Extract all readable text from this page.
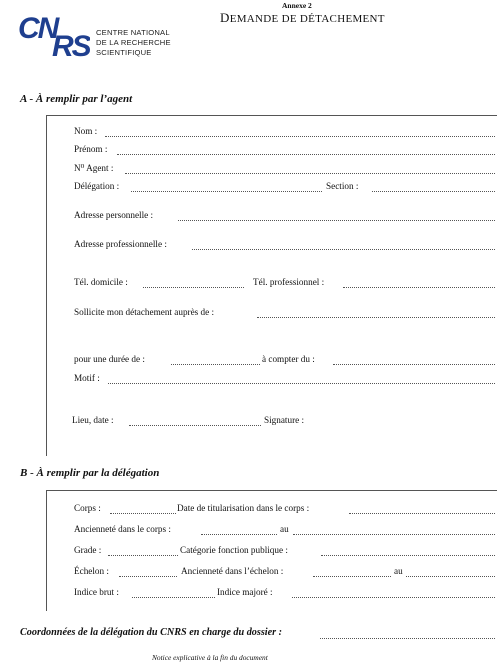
CN
RS CENTRE NATIONAL
DE LA RECHERCHE
SCIENTIFIQUE
Annexe 2
DEMANDE DE DÉTACHEMENT
A - À remplir par l’agent
Nom :
Prénom :
N⁰ Agent :
Délégation :	Section :
Adresse personnelle :
Adresse professionnelle :
Tél. domicile :	Tél. professionnel :
Sollicite mon détachement auprès de :
pour une durée de :	à compter du :
Motif :
Lieu, date :	Signature :
B - À remplir par la délégation
Corps :	Date de titularisation dans le corps :
Ancienneté dans le corps :	au
Grade :	Catégorie fonction publique :
Échelon :	Ancienneté dans l’échelon :	au
Indice brut :	Indice majoré :
Coordonnées de la délégation du CNRS en charge du dossier :
Notice explicative à la fin du document
